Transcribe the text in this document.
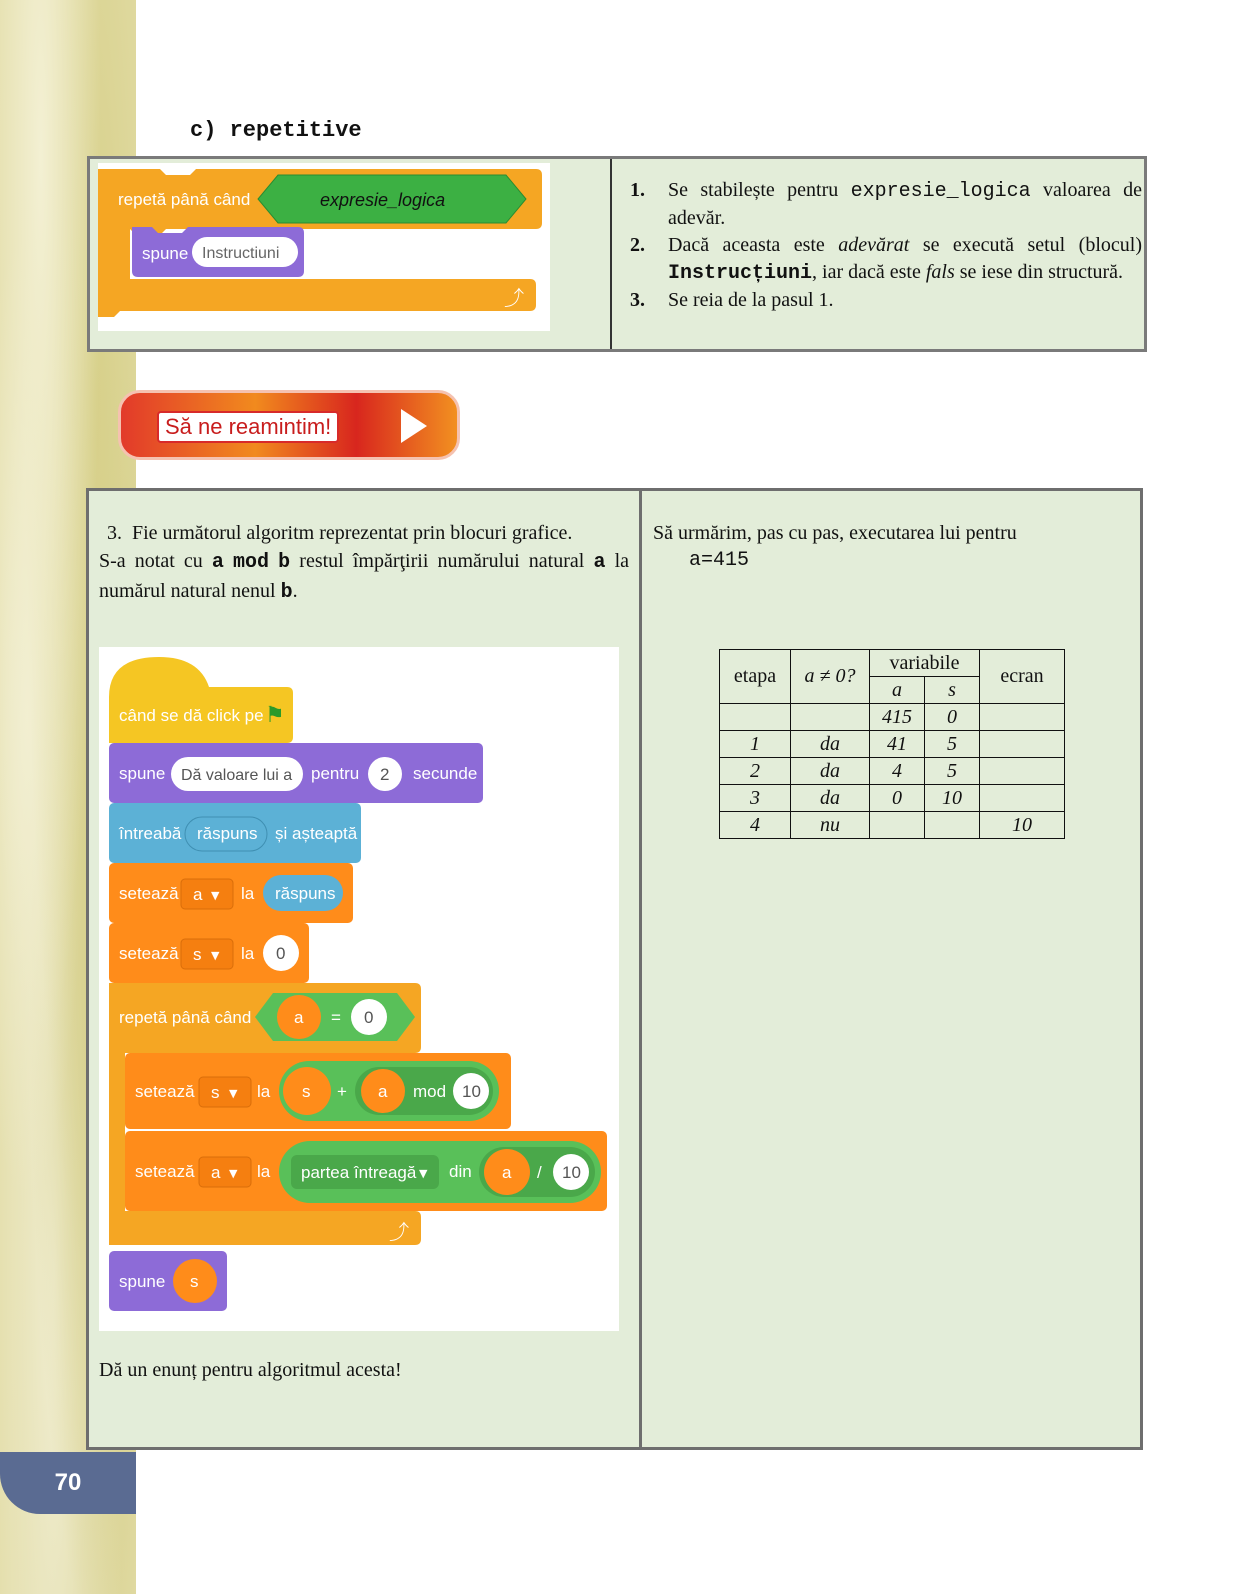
70
c) repetitive
repetă până când	expresie_logica
spune Instructiuni
⤴
1. Se stabilește pentru expresie_logica valoarea de adevăr.
2. Dacă aceasta este adevărat se execută setul (blocul) Instrucțiuni, iar dacă este fals se iese din structură.
3. Se reia de la pasul 1.
Să ne reamintim!
3. Fie următorul algoritm reprezentat prin blocuri grafice.
S-a notat cu a mod b restul împărţirii numărului natural a la numărul natural nenul b.
când se dă click pe ⚑
spune Dă valoare lui a pentru 2 secunde
întreabă răspuns și așteaptă
setează a ▼ la răspuns
setează s ▼ la 0
repetă până când	a = 0
setează s ▼ la s + a mod 10
setează a ▼ la partea întreagă ▼ din a / 10
⤴
spune s
Dă un enunț pentru algoritmul acesta!
Să urmărim, pas cu pas, executarea lui pentru
a=415
etapa	a ≠ 0?	variabile		ecran
		a	s	
		415	0	
1	da	41	5	
2	da	4	5	
3	da	0	10	
4	nu			10
